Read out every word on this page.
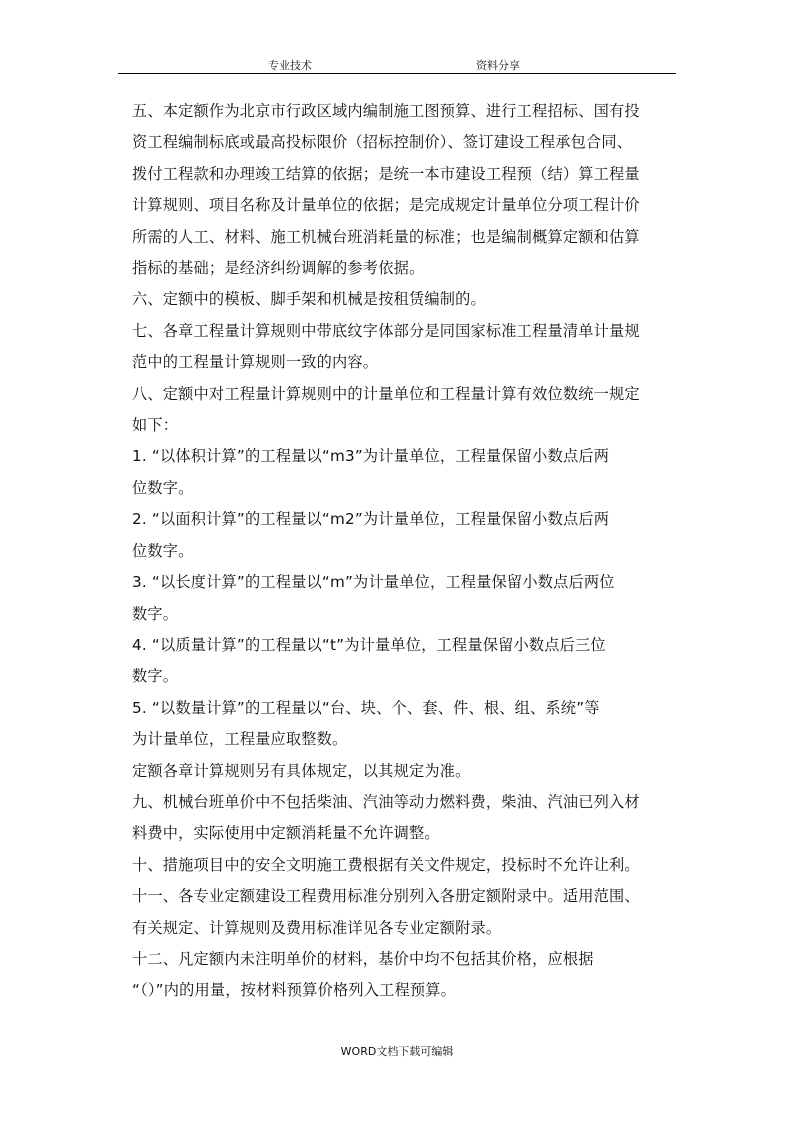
专业技术	资料分享

五、本定额作为北京市行政区域内编制施工图预算、进行工程招标、国有投

资工程编制标底或最高投标限价（招标控制价）、签订建设工程承包合同、

拨付工程款和办理竣工结算的依据；是统一本市建设工程预（结）算工程量

计算规则、项目名称及计量单位的依据；是完成规定计量单位分项工程计价

所需的人工、材料、施工机械台班消耗量的标准；也是编制概算定额和估算

指标的基础；是经济纠纷调解的参考依据。

六、定额中的模板、脚手架和机械是按租赁编制的。

七、各章工程量计算规则中带底纹字体部分是同国家标准工程量清单计量规

范中的工程量计算规则一致的内容。

八、定额中对工程量计算规则中的计量单位和工程量计算有效位数统一规定

如下：

1. “以体积计算”的工程量以“m3”为计量单位，工程量保留小数点后两

位数字。

2. “以面积计算”的工程量以“m2”为计量单位，工程量保留小数点后两

位数字。

3. “以长度计算”的工程量以“m”为计量单位，工程量保留小数点后两位

数字。

4. “以质量计算”的工程量以“t”为计量单位，工程量保留小数点后三位

数字。

5. “以数量计算”的工程量以“台、块、个、套、件、根、组、系统”等

为计量单位，工程量应取整数。

定额各章计算规则另有具体规定，以其规定为准。

九、机械台班单价中不包括柴油、汽油等动力燃料费，柴油、汽油已列入材

料费中，实际使用中定额消耗量不允许调整。

十、措施项目中的安全文明施工费根据有关文件规定，投标时不允许让利。

十一、各专业定额建设工程费用标准分别列入各册定额附录中。适用范围、

有关规定、计算规则及费用标准详见各专业定额附录。

十二、凡定额内未注明单价的材料，基价中均不包括其价格，应根据

“（）”内的用量，按材料预算价格列入工程预算。

WORD文档下载可编辑
